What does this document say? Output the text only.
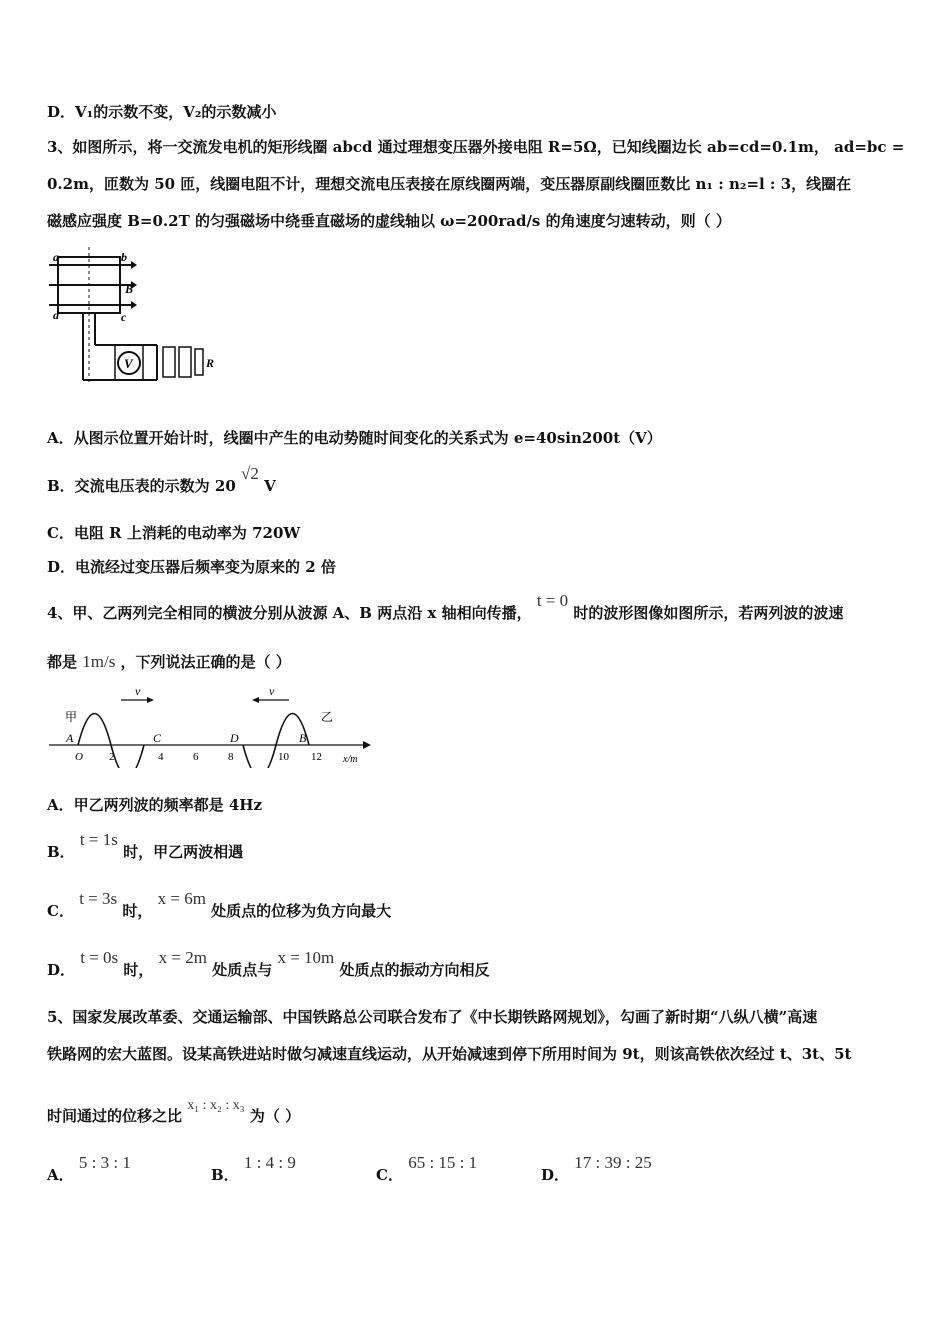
D．V₁的示数不变，V₂的示数减小
3、如图所示，将一交流发电机的矩形线圈 abcd 通过理想变压器外接电阻 R=5Ω，已知线圈边长 ab=cd=0.1m， ad=bc =
0.2m，匝数为 50 匝，线圈电阻不计，理想交流电压表接在原线圈两端，变压器原副线圈匝数比 n₁ : n₂=l : 3，线圈在
磁感应强度 B=0.2T 的匀强磁场中绕垂直磁场的虚线轴以 ω=200rad/s 的角速度匀速转动，则（ ）
a	b
B
d	c
V	R
A．从图示位置开始计时，线圈中产生的电动势随时间变化的关系式为 e=40sin200t（V）
B．交流电压表的示数为 20 √2 V
C．电阻 R 上消耗的电动率为 720W
D．电流经过变压器后频率变为原来的 2 倍
4、甲、乙两列完全相同的横波分别从波源 A、B 两点沿 x 轴相向传播， t = 0 时的波形图像如图所示，若两列波的波速
都是 1m/s ，下列说法正确的是（ ）
v	v
甲	乙
A	C	D	B
O 2	4	6	8	10 12 x/m
A．甲乙两列波的频率都是 4Hz
B． t = 1s 时，甲乙两波相遇
C． t = 3s 时， x = 6m 处质点的位移为负方向最大
D． t = 0s 时， x = 2m 处质点与 x = 10m 处质点的振动方向相反
5、国家发展改革委、交通运输部、中国铁路总公司联合发布了《中长期铁路网规划》，勾画了新时期“八纵八横”高速
铁路网的宏大蓝图。设某高铁进站时做匀减速直线运动，从开始减速到停下所用时间为 9t，则该高铁依次经过 t、3t、5t
时间通过的位移之比 x₁ : x₂ : x₃ 为（ ）
A． 5 : 3 : 1
B． 1 : 4 : 9
C． 65 : 15 : 1
D． 17 : 39 : 25
